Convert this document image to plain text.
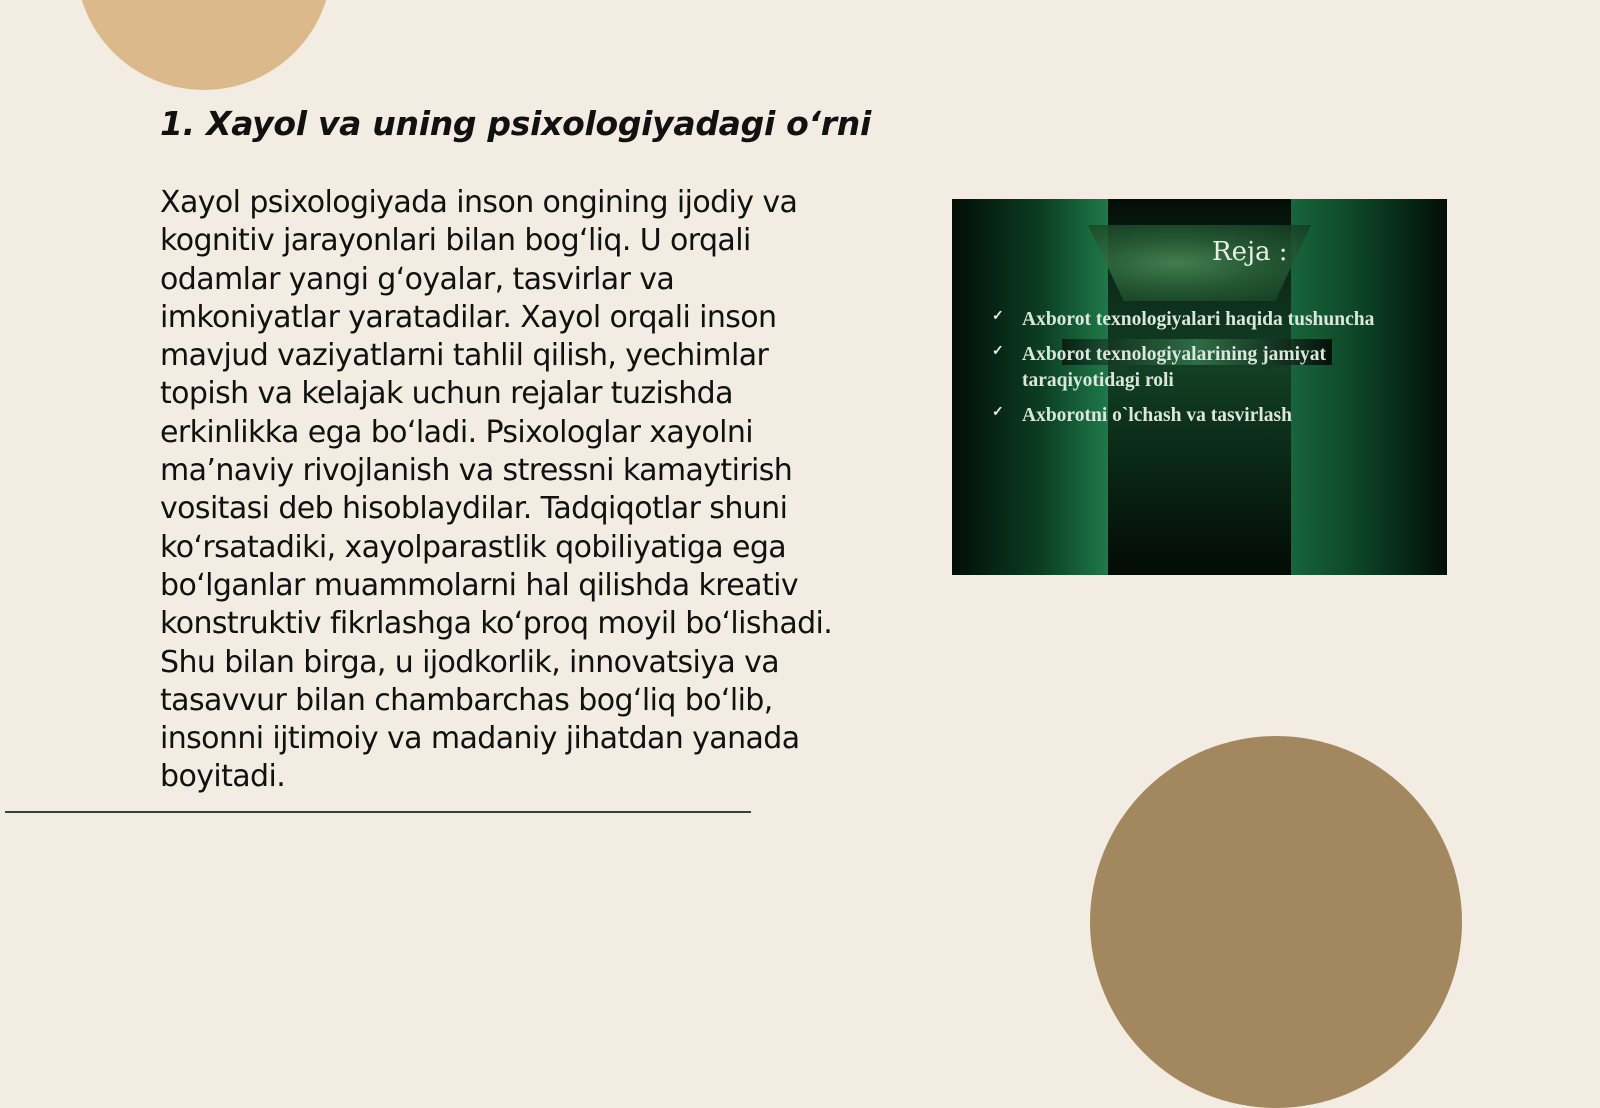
1. Xayol va uning psixologiyadagi oʻrni

Xayol psixologiyada inson ongining ijodiy va kognitiv jarayonlari bilan bogʻliq. U orqali odamlar yangi gʻoyalar, tasvirlar va imkoniyatlar yaratadilar. Xayol orqali inson mavjud vaziyatlarni tahlil qilish, yechimlar topish va kelajak uchun rejalar tuzishda erkinlikka ega boʻladi. Psixologlar xayolni maʼnaviy rivojlanish va stressni kamaytirish vositasi deb hisoblaydilar. Tadqiqotlar shuni koʻrsatadiki, xayolparastlik qobiliyatiga ega boʻlganlar muammolarni hal qilishda kreativ konstruktiv fikrlashga koʻproq moyil boʻlishadi. Shu bilan birga, u ijodkorlik, innovatsiya va tasavvur bilan chambarchas bogʻliq boʻlib, insonni ijtimoiy va madaniy jihatdan yanada boyitadi.

Reja :
✓ Axborot texnologiyalari haqida tushuncha
✓ Axborot texnologiyalarining jamiyat taraqiyotidagi roli
✓ Axborotni o`lchash va tasvirlash
